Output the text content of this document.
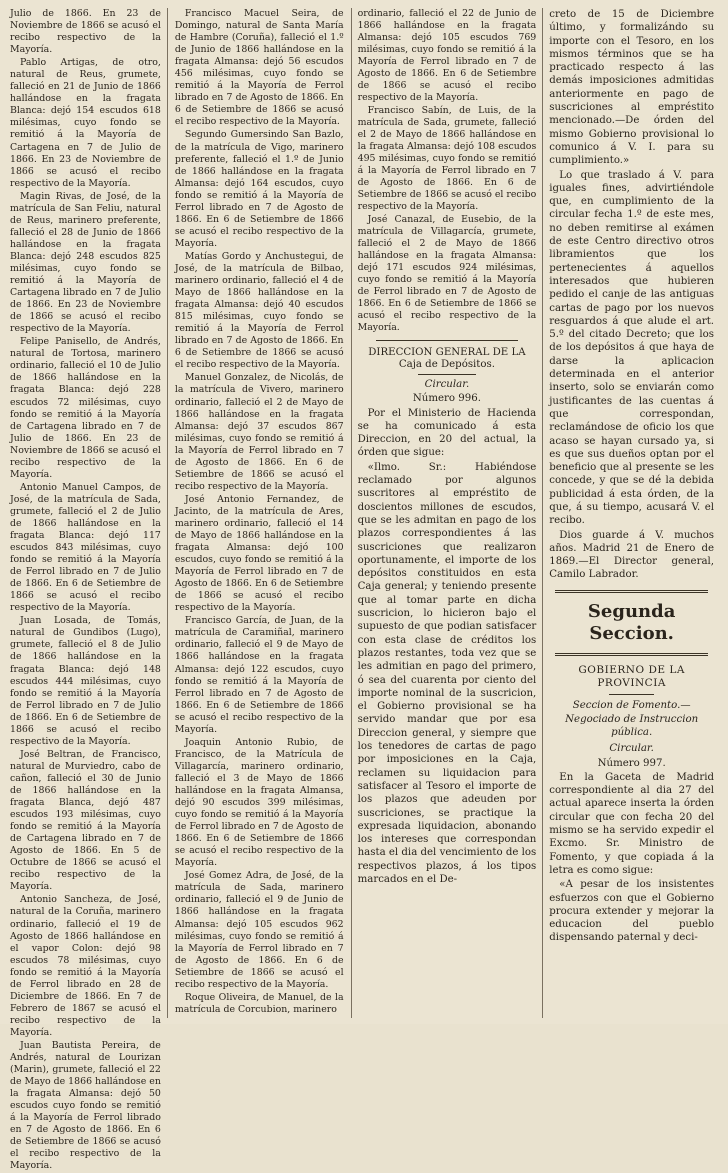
Julio de 1866. En 23 de Noviembre de 1866 se acusó el recibo respectivo de la Mayoría.

Pablo Artigas, de otro, natural de Reus, grumete, falleció en 21 de Junio de 1866 hallándose en la fragata Blanca: dejó 154 escudos 618 milésimas, cuyo fondo se remitió á la Mayoría de Cartagena en 7 de Julio de 1866. En 23 de Noviembre de 1866 se acusó el recibo respectivo de la Mayoría.

Magin Rivas, de José, de la matrícula de San Feliu, natural de Reus, marinero preferente, falleció el 28 de Junio de 1866 hallándose en la fragata Blanca: dejó 248 escudos 825 milésimas, cuyo fondo se remitió á la Mayoría de Cartagena librado en 7 de Julio de 1866. En 23 de Noviembre de 1866 se acusó el recibo respectivo de la Mayoría.

Felipe Panisello, de Andrés, natural de Tortosa, marinero ordinario, falleció el 10 de Julio de 1866 hallándose en la fragata Blanca: dejó 228 escudos 72 milésimas, cuyo fondo se remitió á la Mayoría de Cartagena librado en 7 de Julio de 1866. En 23 de Noviembre de 1866 se acusó el recibo respectivo de la Mayoría.

Antonio Manuel Campos, de José, de la matrícula de Sada, grumete, falleció el 2 de Julio de 1866 hallándose en la fragata Blanca: dejó 117 escudos 843 milésimas, cuyo fondo se remitió á la Mayoría de Ferrol librado en 7 de Julio de 1866. En 6 de Setiembre de 1866 se acusó el recibo respectivo de la Mayoría.

Juan Losada, de Tomás, natural de Gundibos (Lugo), grumete, falleció el 8 de Julio de 1866 hallándose en la fragata Blanca: dejó 148 escudos 444 milésimas, cuyo fondo se remitió á la Mayoría de Ferrol librado en 7 de Julio de 1866. En 6 de Setiembre de 1866 se acusó el recibo respectivo de la Mayoría.

José Beltran, de Francisco, natural de Murviedro, cabo de cañon, falleció el 30 de Junio de 1866 hallándose en la fragata Blanca, dejó 487 escudos 193 milésimas, cuyo fondo se remitió á la Mayoría de Cartagena librado en 7 de Agosto de 1866. En 5 de Octubre de 1866 se acusó el recibo respectivo de la Mayoría.

Antonio Sancheza, de José, natural de la Coruña, marinero ordinario, falleció el 19 de Agosto de 1866 hallándose en el vapor Colon: dejó 98 escudos 78 milésimas, cuyo fondo se remitió á la Mayoría de Ferrol librado en 28 de Diciembre de 1866. En 7 de Febrero de 1867 se acusó el recibo respectivo de la Mayoría.

Juan Bautista Pereira, de Andrés, natural de Lourizan (Marin), grumete, falleció el 22 de Mayo de 1866 hallándose en la fragata Almansa: dejó 50 escudos cuyo fondo se remitió á la Mayoría de Ferrol librado en 7 de Agosto de 1866. En 6 de Setiembre de 1866 se acusó el recibo respectivo de la Mayoría.

Francisco Macuel Seira, de Domingo, natural de Santa María de Hambre (Coruña), falleció el 1.º de Junio de 1866 hallándose en la fragata Almansa: dejó 56 escudos 456 milésimas, cuyo fondo se remitió á la Mayoría de Ferrol librado en 7 de Agosto de 1866. En 6 de Setiembre de 1866 se acusó el recibo respectivo de la Mayoría.

Segundo Gumersindo San Bazlo, de la matrícula de Vigo, marinero preferente, falleció el 1.º de Junio de 1866 hallándose en la fragata Almansa: dejó 164 escudos, cuyo fondo se remitió á la Mayoría de Ferrol librado en 7 de Agosto de 1866. En 6 de Setiembre de 1866 se acusó el recibo respectivo de la Mayoría.

Matías Gordo y Anchustegui, de José, de la matrícula de Bilbao, marinero ordinario, falleció el 4 de Mayo de 1866 hallándose en la fragata Almansa: dejó 40 escudos 815 milésimas, cuyo fondo se remitió á la Mayoría de Ferrol librado en 7 de Agosto de 1866. En 6 de Setiembre de 1866 se acusó el recibo respectivo de la Mayoría.

Manuel Gonzalez, de Nicolás, de la matrícula de Vivero, marinero ordinario, falleció el 2 de Mayo de 1866 hallándose en la fragata Almansa: dejó 37 escudos 867 milésimas, cuyo fondo se remitió á la Mayoría de Ferrol librado en 7 de Agosto de 1866. En 6 de Setiembre de 1866 se acusó el recibo respectivo de la Mayoría.

José Antonio Fernandez, de Jacinto, de la matrícula de Ares, marinero ordinario, falleció el 14 de Mayo de 1866 hallándose en la fragata Almansa: dejó 100 escudos, cuyo fondo se remitió á la Mayoría de Ferrol librado en 7 de Agosto de 1866. En 6 de Setiembre de 1866 se acusó el recibo respectivo de la Mayoría.

Francisco García, de Juan, de la matrícula de Caramiñal, marinero ordinario, falleció el 9 de Mayo de 1866 hallándose en la fragata Almansa: dejó 122 escudos, cuyo fondo se remitió á la Mayoría de Ferrol librado en 7 de Agosto de 1866. En 6 de Setiembre de 1866 se acusó el recibo respectivo de la Mayoría.

Joaquin Antonio Rubio, de Francisco, de la Matrícula de Villagarcía, marinero ordinario, falleció el 3 de Mayo de 1866 hallándose en la fragata Almansa, dejó 90 escudos 399 milésimas, cuyo fondo se remitió á la Mayoría de Ferrol librado en 7 de Agosto de 1866. En 6 de Setiembre de 1866 se acusó el recibo respectivo de la Mayoría.

José Gomez Adra, de José, de la matrícula de Sada, marinero ordinario, falleció el 9 de Junio de 1866 hallándose en la fragata Almansa: dejó 105 escudos 962 milésimas, cuyo fondo se remitió á la Mayoría de Ferrol librado en 7 de Agosto de 1866. En 6 de Setiembre de 1866 se acusó el recibo respectivo de la Mayoría.

Roque Oliveira, de Manuel, de la matrícula de Corcubion, marinero

ordinario, falleció el 22 de Junio de 1866 hallándose en la fragata Almansa: dejó 105 escudos 769 milésimas, cuyo fondo se remitió á la Mayoría de Ferrol librado en 7 de Agosto de 1866. En 6 de Setiembre de 1866 se acusó el recibo respectivo de la Mayoría.

Francisco Sabín, de Luis, de la matrícula de Sada, grumete, falleció el 2 de Mayo de 1866 hallándose en la fragata Almansa: dejó 108 escudos 495 milésimas, cuyo fondo se remitió á la Mayoría de Ferrol librado en 7 de Agosto de 1866. En 6 de Setiembre de 1866 se acusó el recibo respectivo de la Mayoría.

José Canazal, de Eusebio, de la matrícula de Villagarcía, grumete, falleció el 2 de Mayo de 1866 hallándose en la fragata Almansa: dejó 171 escudos 924 milésimas, cuyo fondo se remitió á la Mayoría de Ferrol librado en 7 de Agosto de 1866. En 6 de Setiembre de 1866 se acusó el recibo respectivo de la Mayoría.

DIRECCION GENERAL DE LA Caja de Depósitos.

Circular.

Número 996.

Por el Ministerio de Hacienda se ha comunicado á esta Direccion, en 20 del actual, la órden que sigue:

«Ilmo. Sr.: Habiéndose reclamado por algunos suscritores al empréstito de doscientos millones de escudos, que se les admitan en pago de los plazos correspondientes á las suscriciones que realizaron oportunamente, el importe de los depósitos constituidos en esta Caja general; y teniendo presente que al tomar parte en dicha suscricion, lo hicieron bajo el supuesto de que podian satisfacer con esta clase de créditos los plazos restantes, toda vez que se les admitian en pago del primero, ó sea del cuarenta por ciento del importe nominal de la suscricion, el Gobierno provisional se ha servido mandar que por esa Direccion general, y siempre que los tenedores de cartas de pago por imposiciones en la Caja, reclamen su liquidacion para satisfacer al Tesoro el importe de los plazos que adeuden por suscriciones, se practique la expresada liquidacion, abonando los intereses que correspondan hasta el dia del vencimiento de los respectivos plazos, á los tipos marcados en el De-

creto de 15 de Diciembre último, y formalizándo su importe con el Tesoro, en los mismos términos que se ha practicado respecto á las demás imposiciones admitidas anteriormente en pago de suscriciones al empréstito mencionado.—De órden del mismo Gobierno provisional lo comunico á V. I. para su cumplimiento.»

Lo que traslado á V. para iguales fines, advirtiéndole que, en cumplimiento de la circular fecha 1.º de este mes, no deben remitirse al exámen de este Centro directivo otros libramientos que los pertenecientes á aquellos interesados que hubieren pedido el canje de las antiguas cartas de pago por los nuevos resguardos á que alude el art. 5.º del citado Decreto; que los de los depósitos á que haya de darse la aplicacion determinada en el anterior inserto, solo se enviarán como justificantes de las cuentas á que correspondan, reclamándose de oficio los que acaso se hayan cursado ya, si es que sus dueños optan por el beneficio que al presente se les concede, y que se dé la debida publicidad á esta órden, de la que, á su tiempo, acusará V. el recibo.

Dios guarde á V. muchos años. Madrid 21 de Enero de 1869.—El Director general, Camilo Labrador.

Segunda Seccion.

GOBIERNO DE LA PROVINCIA

Seccion de Fomento.—Negociado de Instruccion pública.

Circular.

Número 997.

En la Gaceta de Madrid correspondiente al dia 27 del actual aparece inserta la órden circular que con fecha 20 del mismo se ha servido expedir el Excmo. Sr. Ministro de Fomento, y que copiada á la letra es como sigue:

«A pesar de los insistentes esfuerzos con que el Gobierno procura extender y mejorar la educacion del pueblo dispensando paternal y deci-
